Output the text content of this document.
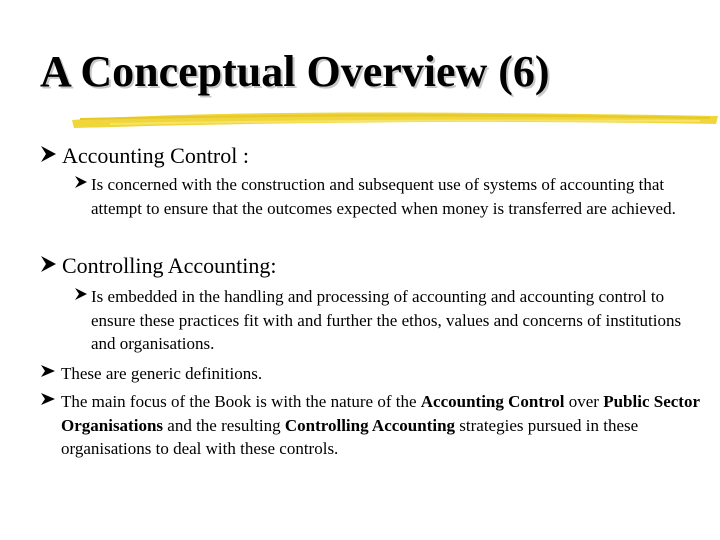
A Conceptual Overview (6)
Accounting Control :
Is concerned with the construction and subsequent use of systems of accounting that attempt to ensure that the outcomes expected when money is transferred are achieved.
Controlling Accounting:
Is embedded in the handling and processing of accounting and accounting control to ensure these practices fit with and further the ethos, values and concerns of institutions and organisations.
These are generic definitions.
The main focus of the Book is with the nature of the Accounting Control over Public Sector Organisations and the resulting Controlling Accounting strategies pursued in these organisations to deal with these controls.
